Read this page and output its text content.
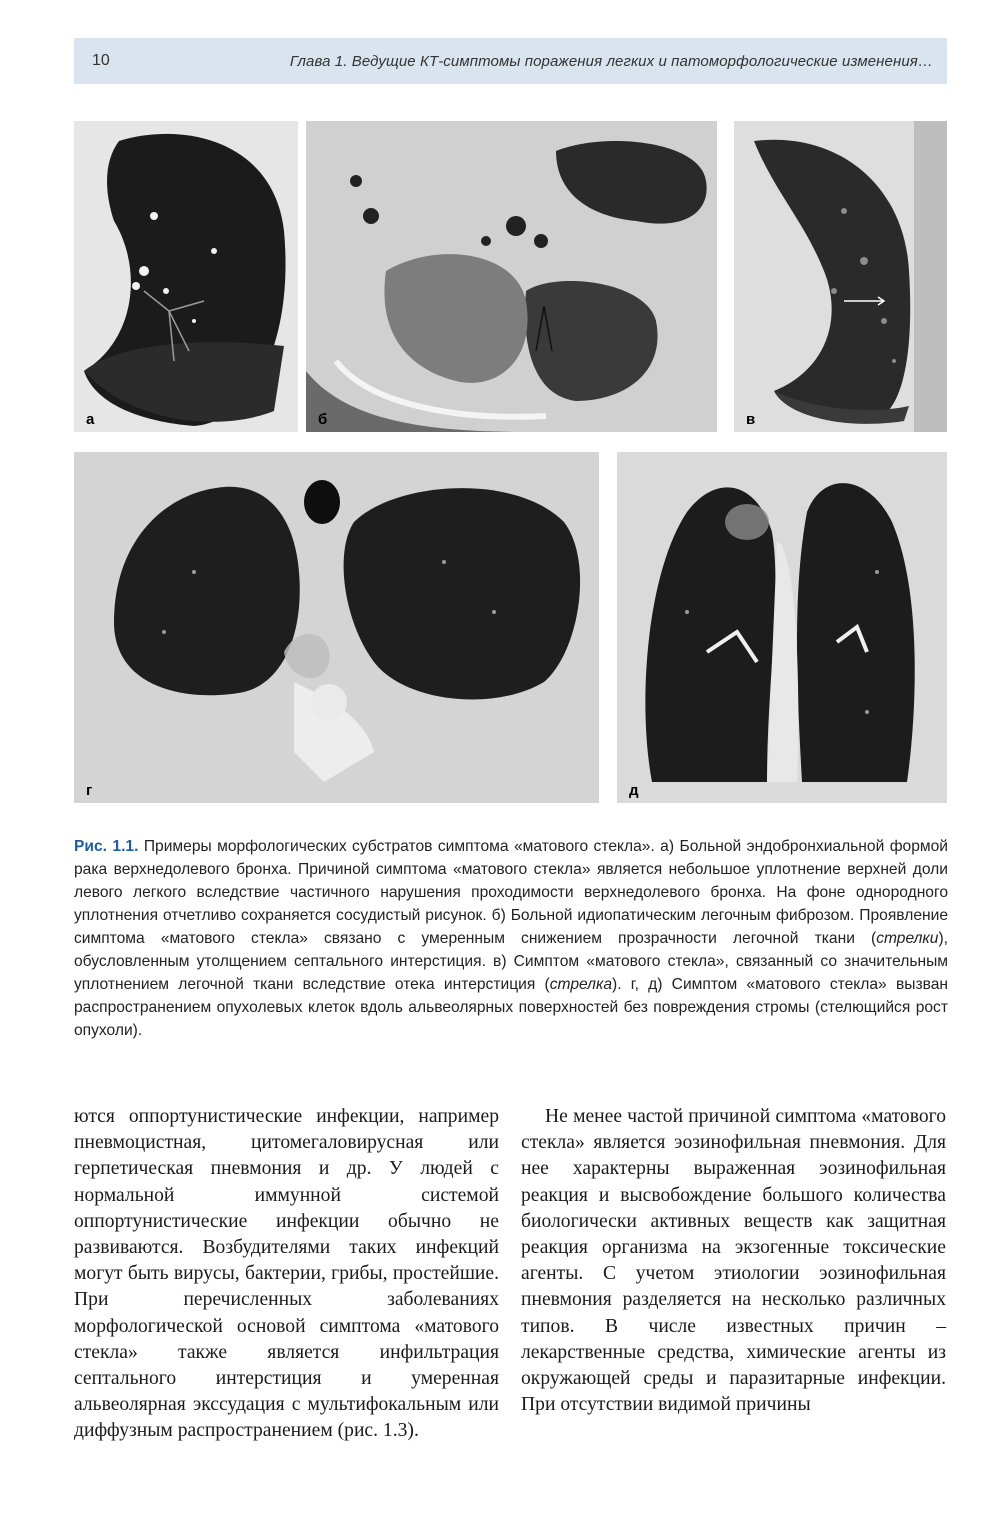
10	Глава 1. Ведущие КТ-симптомы поражения легких и патоморфологические изменения…
а	б	в
г	д
Рис. 1.1. Примеры морфологических субстратов симптома «матового стекла». а) Больной эндобронхиальной формой рака верхнедолевого бронха. Причиной симптома «матового стекла» является небольшое уплотнение верхней доли левого легкого вследствие частичного нарушения проходимости верхнедолевого бронха. На фоне однородного уплотнения отчетливо сохраняется сосудистый рисунок. б) Больной идиопатическим легочным фиброзом. Проявление симптома «матового стекла» связано с умеренным снижением прозрачности легочной ткани (стрелки), обусловленным утолщением септального интерстиция. в) Симптом «матового стекла», связанный со значительным уплотнением легочной ткани вследствие отека интерстиция (стрелка). г, д) Симптом «матового стекла» вызван распространением опухолевых клеток вдоль альвеолярных поверхностей без повреждения стромы (стелющийся рост опухоли).
ются оппортунистические инфекции, например пневмоцистная, цитомегаловирусная или герпетическая пневмония и др. У людей с нормальной иммунной системой оппортунистические инфекции обычно не развиваются. Возбудителями таких инфекций могут быть вирусы, бактерии, грибы, простейшие. При перечисленных заболеваниях морфологической основой симптома «матового стекла» также является инфильтрация септального интерстиция и умеренная альвеолярная экссудация с мультифокальным или диффузным распространением (рис. 1.3).
Не менее частой причиной симптома «матового стекла» является эозинофильная пневмония. Для нее характерны выраженная эозинофильная реакция и высвобождение большого количества биологически активных веществ как защитная реакция организма на экзогенные токсические агенты. С учетом этиологии эозинофильная пневмония разделяется на несколько различных типов. В числе известных причин – лекарственные средства, химические агенты из окружающей среды и паразитарные инфекции. При отсутствии видимой причины
